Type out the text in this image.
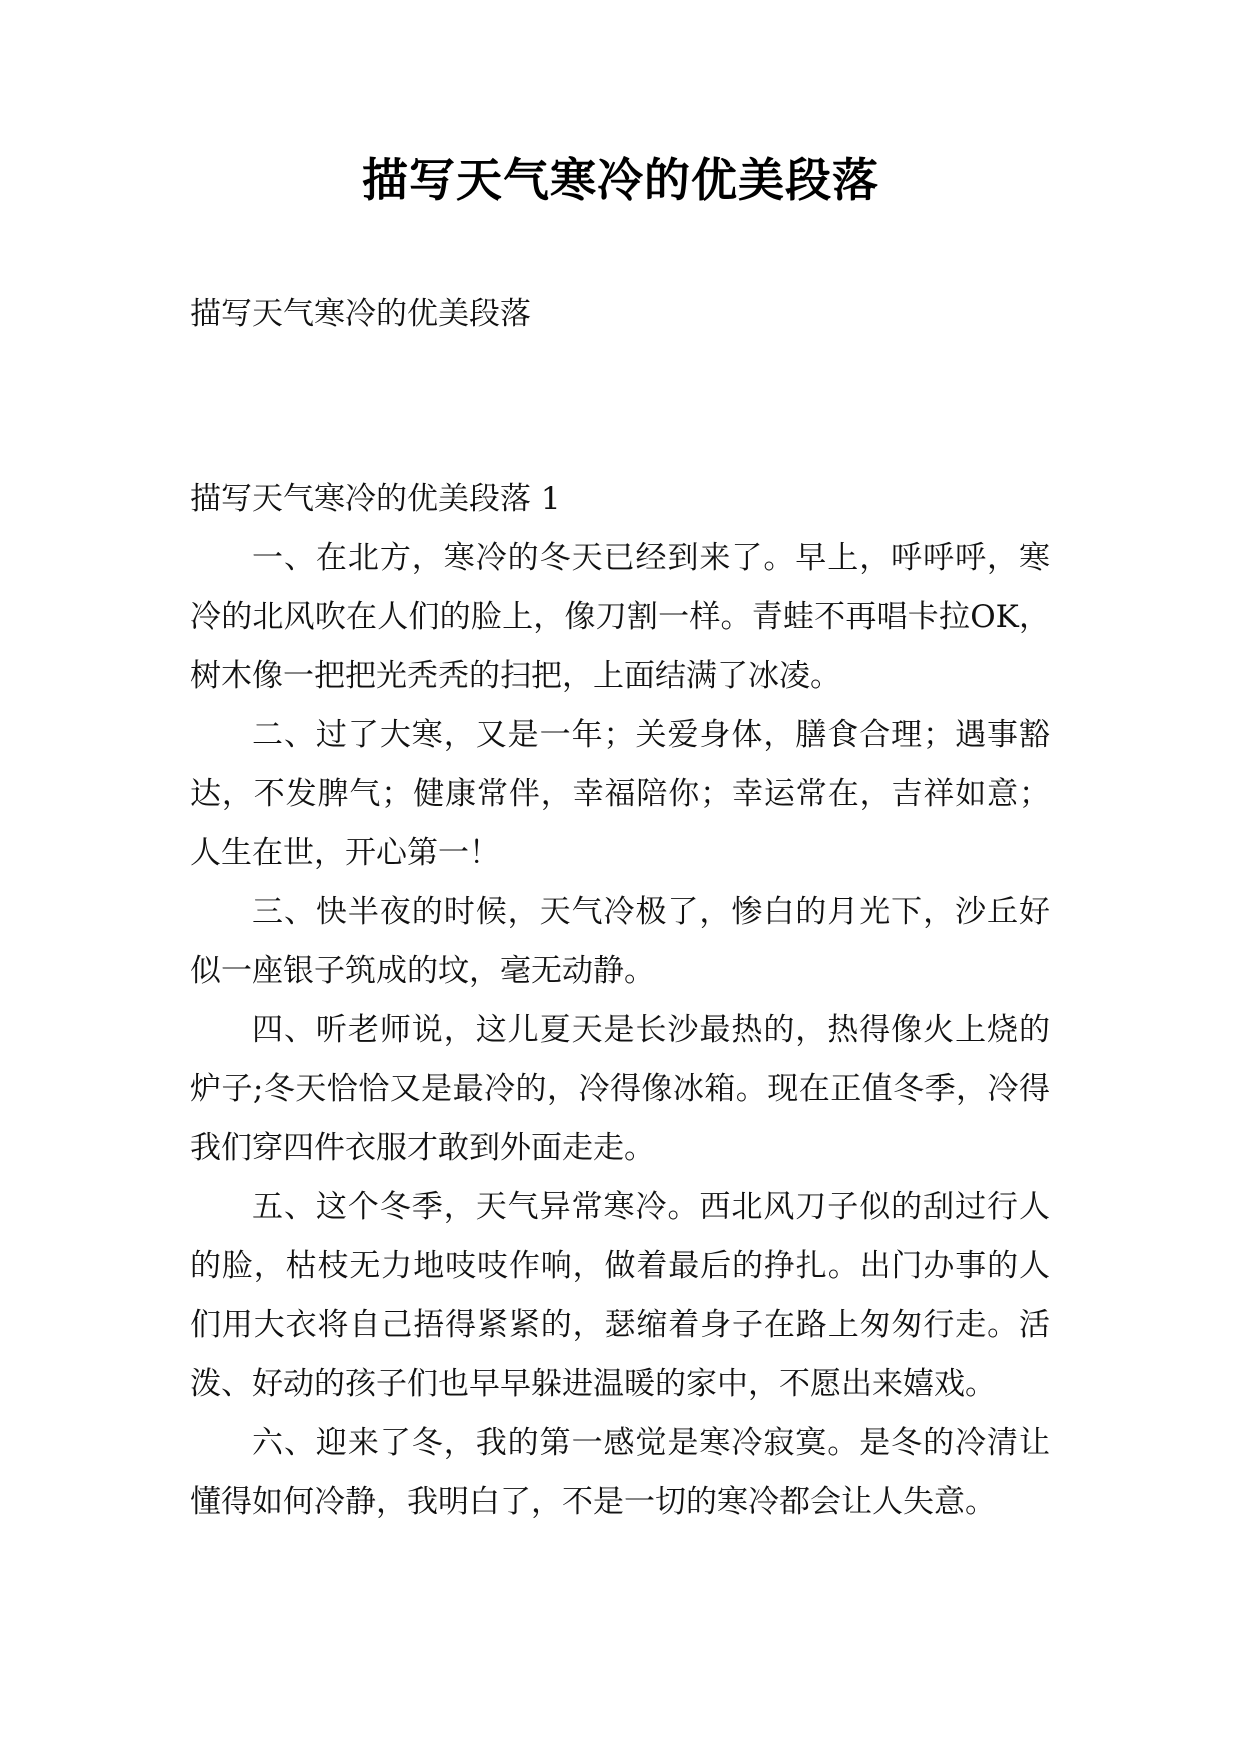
描写天气寒冷的优美段落
描写天气寒冷的优美段落

描写天气寒冷的优美段落 1

一、在北方，寒冷的冬天已经到来了。早上，呼呼呼，寒冷的北风吹在人们的脸上，像刀割一样。青蛙不再唱卡拉OK，树木像一把把光秃秃的扫把，上面结满了冰凌。

二、过了大寒，又是一年；关爱身体，膳食合理；遇事豁达，不发脾气；健康常伴，幸福陪你；幸运常在，吉祥如意；人生在世，开心第一！

三、快半夜的时候，天气冷极了，惨白的月光下，沙丘好似一座银子筑成的坟，毫无动静。

四、听老师说，这儿夏天是长沙最热的，热得像火上烧的炉子;冬天恰恰又是最冷的，冷得像冰箱。现在正值冬季，冷得我们穿四件衣服才敢到外面走走。

五、这个冬季，天气异常寒冷。西北风刀子似的刮过行人的脸，枯枝无力地吱吱作响，做着最后的挣扎。出门办事的人们用大衣将自己捂得紧紧的，瑟缩着身子在路上匆匆行走。活泼、好动的孩子们也早早躲进温暖的家中，不愿出来嬉戏。

六、迎来了冬，我的第一感觉是寒冷寂寞。是冬的冷清让懂得如何冷静，我明白了，不是一切的寒冷都会让人失意。
